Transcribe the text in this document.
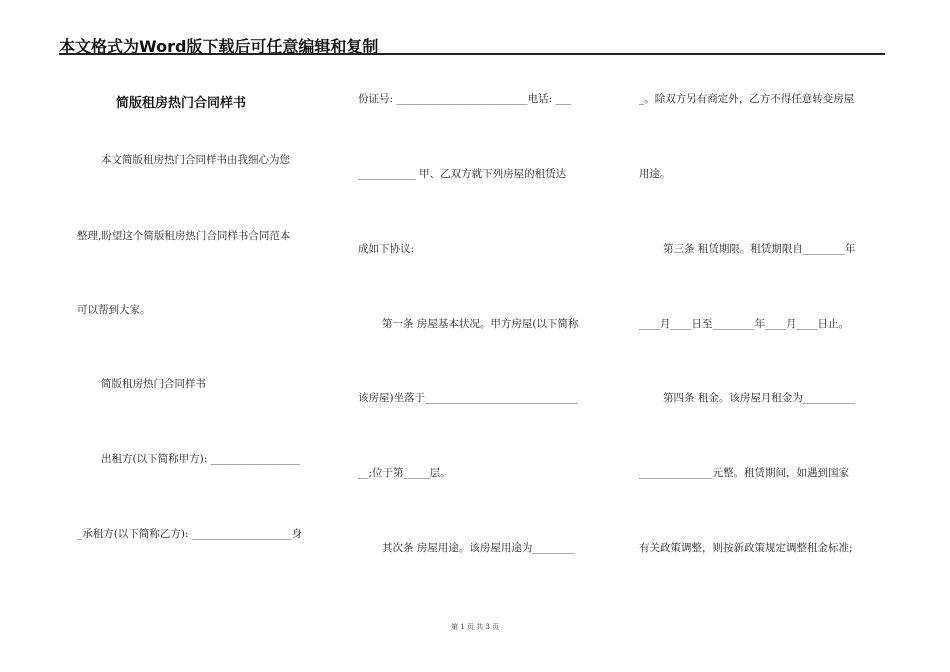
本文格式为Word版下载后可任意编辑和复制
简版租房热门合同样书
本文简版租房热门合同样书由我细心为您
整理,盼望这个简版租房热门合同样书合同范本
可以帮到大家。
简版租房热门合同样书
出租方(以下简称甲方): _________________
_承租方(以下简称乙方): ___________________身
份证号: _________________________电话: ___
___________ 甲、乙双方就下列房屋的租赁达
成如下协议:
第一条 房屋基本状况。甲方房屋(以下简称
该房屋)坐落于_____________________________
__;位于第_____层。
其次条 房屋用途。该房屋用途为________
_。除双方另有商定外，乙方不得任意转变房屋
用途。
第三条 租赁期限。租赁期限自________年
____月____日至________年____月____日止。
第四条 租金。该房屋月租金为__________
______________元整。租赁期间，如遇到国家
有关政策调整，则按新政策规定调整租金标准;
第 1 页 共 3 页
